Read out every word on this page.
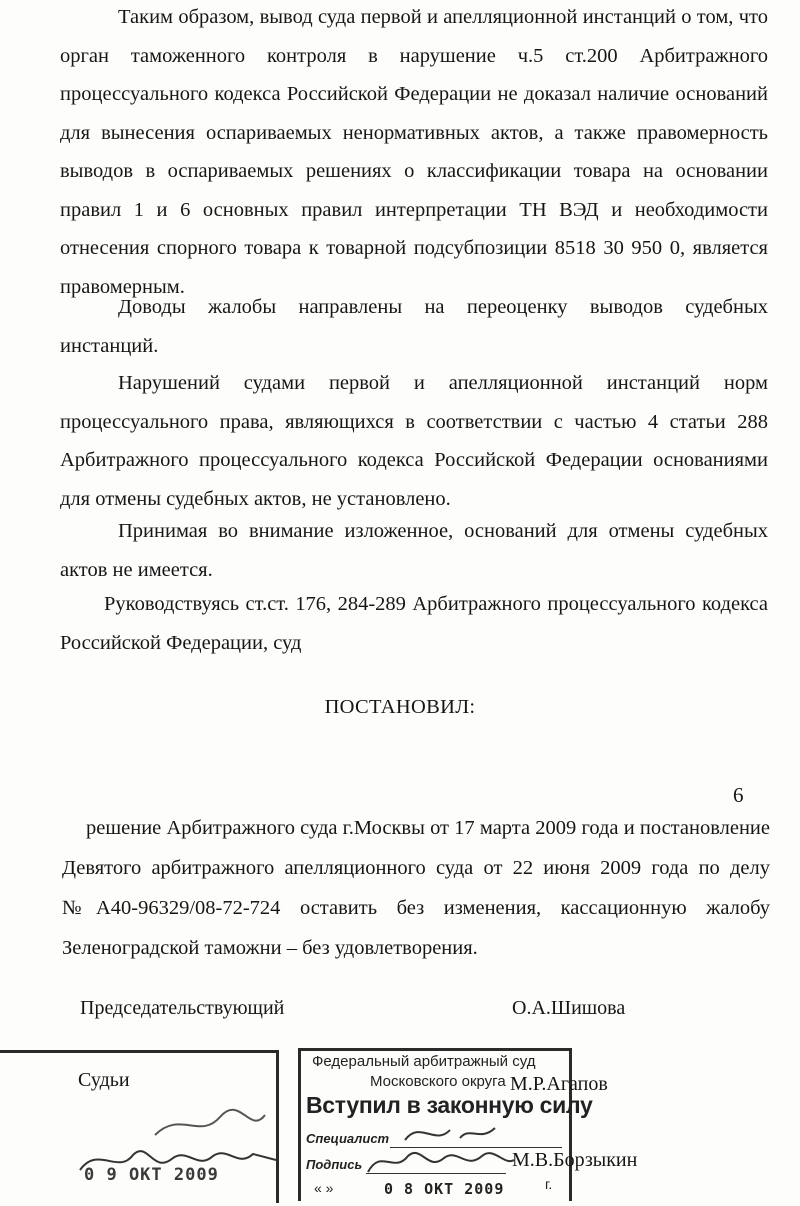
Таким образом, вывод суда первой и апелляционной инстанций о том, что орган таможенного контроля в нарушение ч.5 ст.200 Арбитражного процессуального кодекса Российской Федерации не доказал наличие оснований для вынесения оспариваемых ненормативных актов, а также правомерность выводов в оспариваемых решениях о классификации товара на основании правил 1 и 6 основных правил интерпретации ТН ВЭД и необходимости отнесения спорного товара к товарной подсубпозиции 8518 30 950 0, является правомерным.

Доводы жалобы направлены на переоценку выводов судебных инстанций.

Нарушений судами первой и апелляционной инстанций норм процессуального права, являющихся в соответствии с частью 4 статьи 288 Арбитражного процессуального кодекса Российской Федерации основаниями для отмены судебных актов, не установлено.

Принимая во внимание изложенное, оснований для отмены судебных актов не имеется.

Руководствуясь ст.ст. 176, 284-289 Арбитражного процессуального кодекса Российской Федерации, суд

ПОСТАНОВИЛ:
6

решение Арбитражного суда г.Москвы от 17 марта 2009 года и постановление Девятого арбитражного апелляционного суда от 22 июня 2009 года по делу №А40-96329/08-72-724 оставить без изменения, кассационную жалобу Зеленоградской таможни – без удовлетворения.

Председательствующий	О.А.Шишова
Судьи
0 9 ОКТ 2009
Федеральный арбитражный суд
Московского округа М.Р.Агапов
Вступил в законную силу
Специалист
Подпись	М.В.Борзыкин
« »	0 8 ОКТ 2009	г.
